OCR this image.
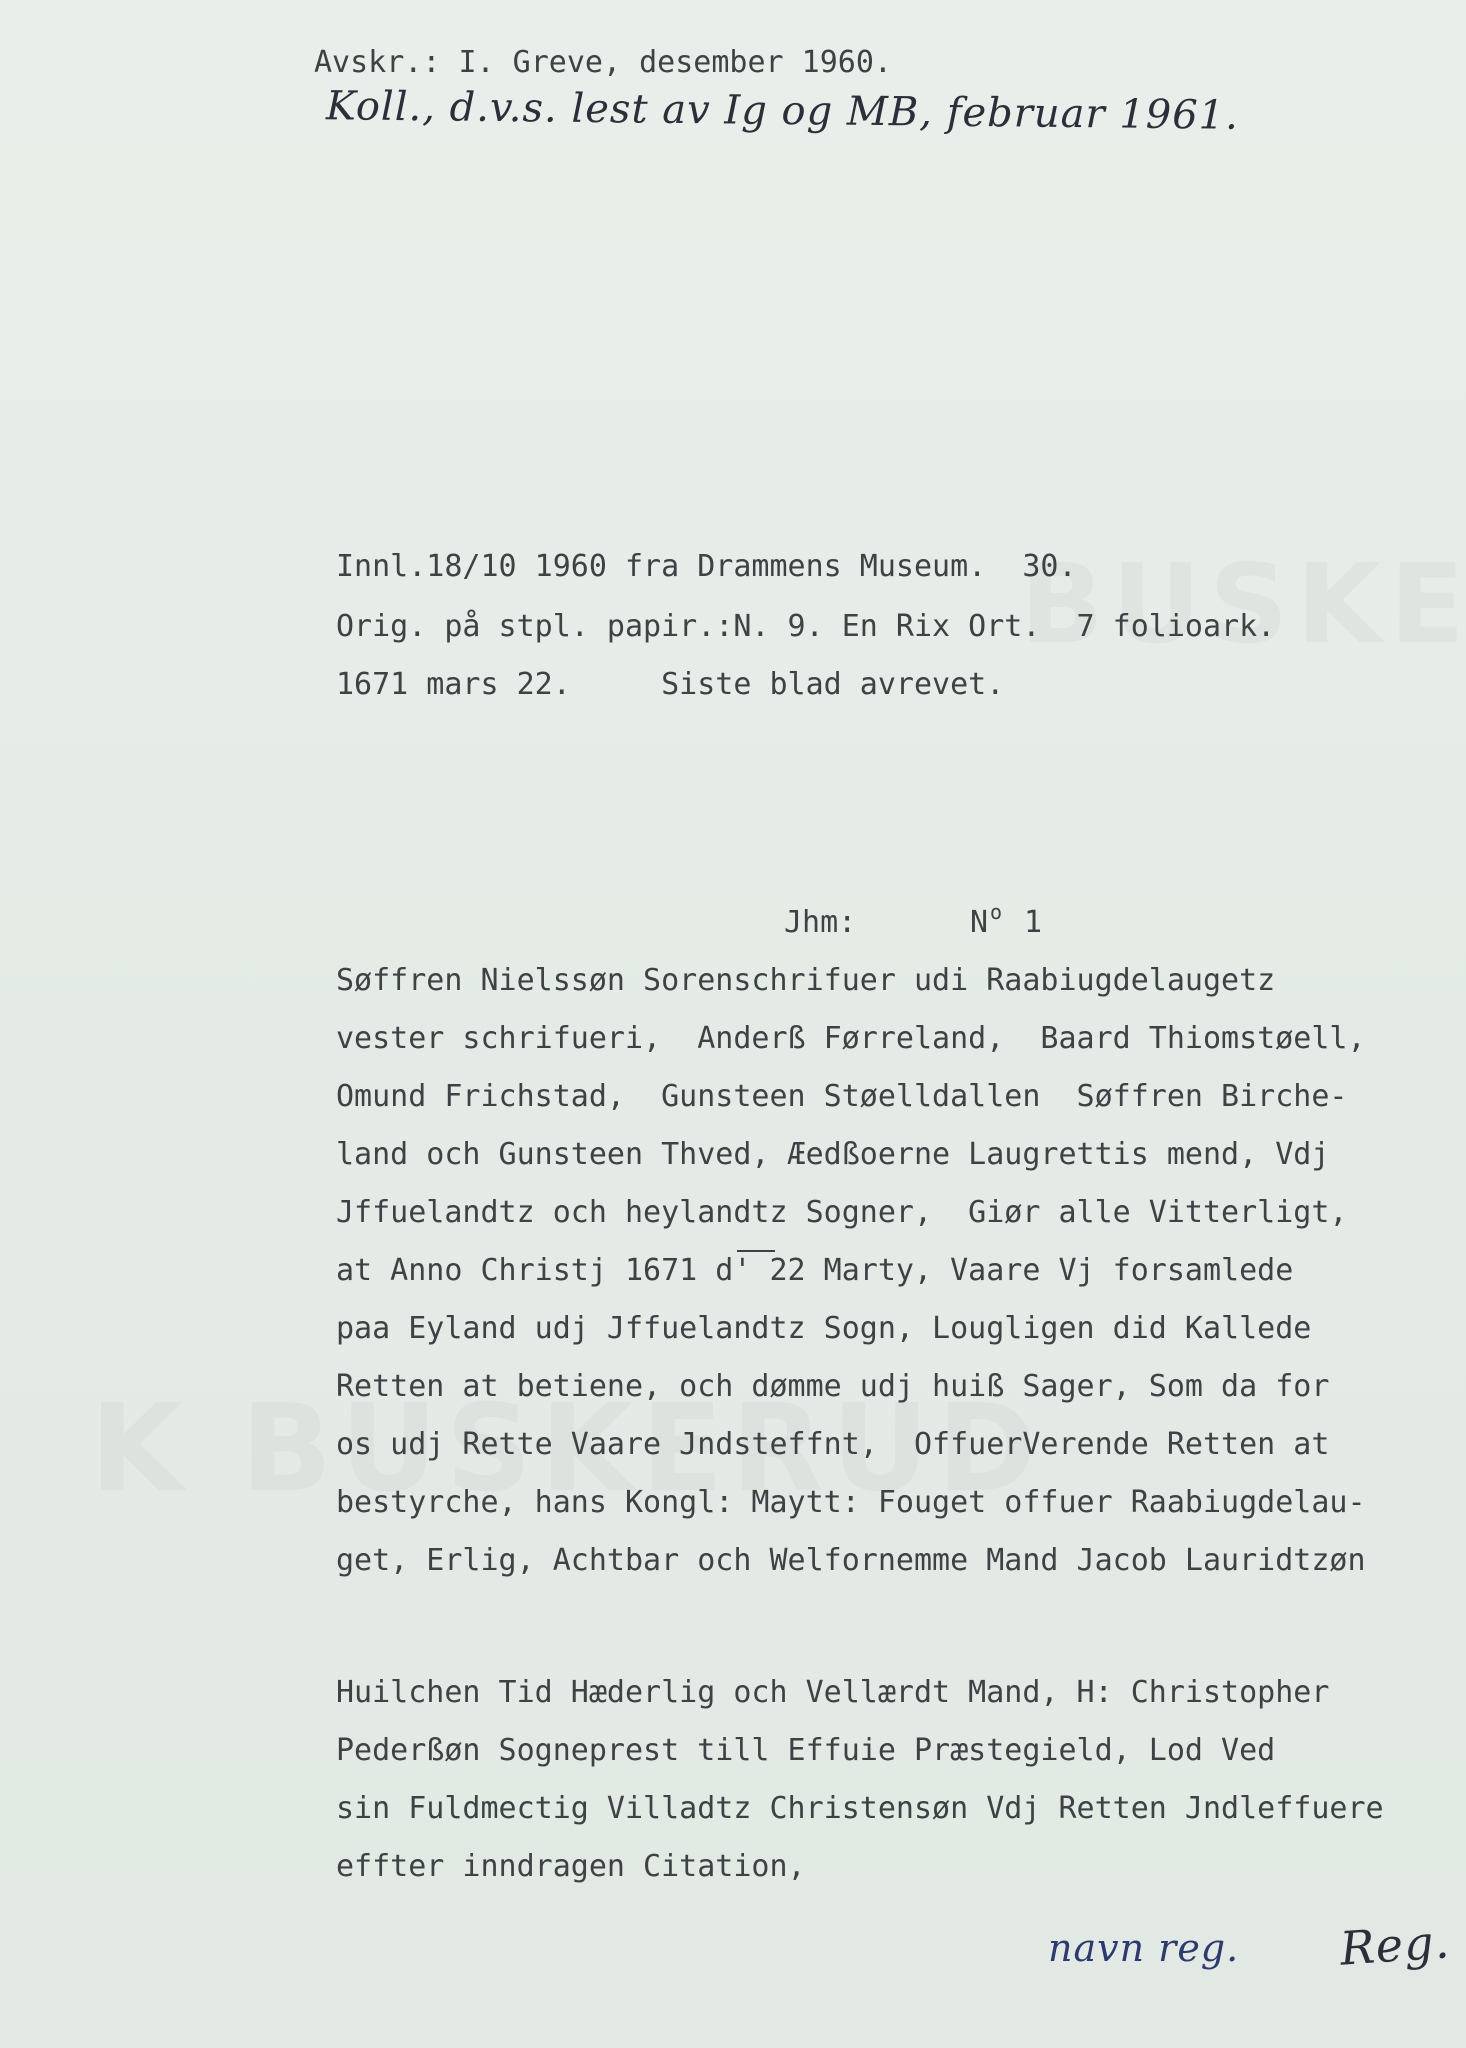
Avskr.: I. Greve, desember 1960.
Koll., d.v.s. lest av Ig og MB, februar 1961.
Innl.18/10 1960 fra Drammens Museum.  30.
Orig. på stpl. papir.:N. 9. En Rix Ort.  7 folioark.
1671 mars 22.     Siste blad avrevet.
Jhm:	N o 1
Søffren Nielssøn Sorenschrifuer udi Raabiugdelaugetz
vester schrifueri,  Anderß Førreland,  Baard Thiomstøell,
Omund Frichstad,  Gunsteen Støelldallen  Søffren Birche-
land och Gunsteen Thved, Æedßoerne Laugrettis mend, Vdj
Jffuelandtz och heylandtz Sogner,  Giør alle Vitterligt,
at Anno Christj 1671 d' 22 Marty, Vaare Vj forsamlede
paa Eyland udj Jffuelandtz Sogn, Lougligen did Kallede
Retten at betiene, och dømme udj huiß Sager, Som da for
os udj Rette Vaare Jndsteffnt,  OffuerVerende Retten at
bestyrche, hans Kongl: Maytt: Fouget offuer Raabiugdelau-
get, Erlig, Achtbar och Welfornemme Mand Jacob Lauridtzøn
Huilchen Tid Hæderlig och Vellærdt Mand, H: Christopher
Pederßøn Sogneprest till Effuie Præstegield, Lod Ved
sin Fuldmectig Villadtz Christensøn Vdj Retten Jndleffuere
effter inndragen Citation,
navn reg. Reg.
